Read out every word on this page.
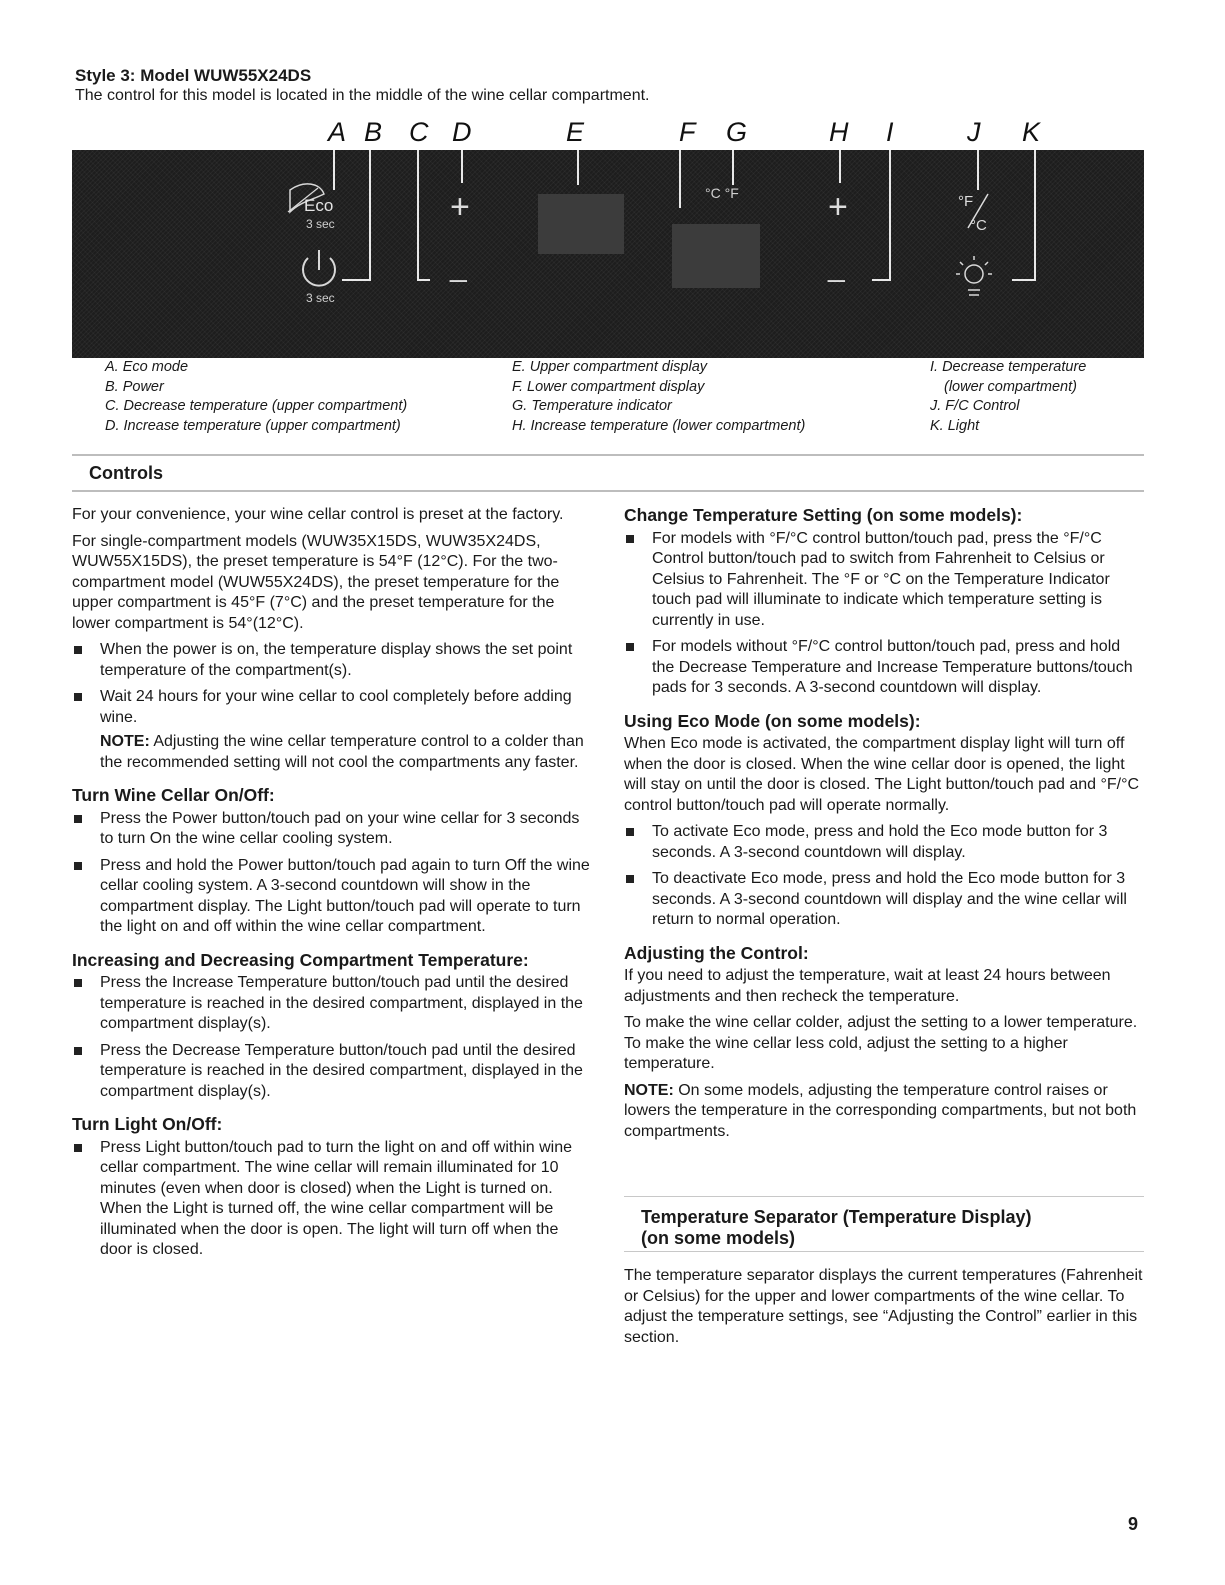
Style 3: Model WUW55X24DS
The control for this model is located in the middle of the wine cellar compartment.
A B C D	E	F G	H I	J K
Eco
3 sec
3 sec
+
_
°C °F	+
_
°F
°C
A. Eco mode
B. Power
C. Decrease temperature (upper compartment)
D. Increase temperature (upper compartment)
E. Upper compartment display
F. Lower compartment display
G. Temperature indicator
H. Increase temperature (lower compartment)
I. Decrease temperature
(lower compartment)
J. F/C Control
K. Light
Controls

For your convenience, your wine cellar control is preset at the factory.

For single-compartment models (WUW35X15DS, WUW35X24DS, WUW55X15DS), the preset temperature is 54°F (12°C). For the two-compartment model (WUW55X24DS), the preset temperature for the upper compartment is 45°F (7°C) and the preset temperature for the lower compartment is 54°(12°C).

When the power is on, the temperature display shows the set point temperature of the compartment(s).
Wait 24 hours for your wine cellar to cool completely before adding wine.
NOTE: Adjusting the wine cellar temperature control to a colder than the recommended setting will not cool the compartments any faster.
Turn Wine Cellar On/Off:
Press the Power button/touch pad on your wine cellar for 3 seconds to turn On the wine cellar cooling system.
Press and hold the Power button/touch pad again to turn Off the wine cellar cooling system. A 3-second countdown will show in the compartment display. The Light button/touch pad will operate to turn the light on and off within the wine cellar compartment.
Increasing and Decreasing Compartment Temperature:
Press the Increase Temperature button/touch pad until the desired temperature is reached in the desired compartment, displayed in the compartment display(s).
Press the Decrease Temperature button/touch pad until the desired temperature is reached in the desired compartment, displayed in the compartment display(s).
Turn Light On/Off:
Press Light button/touch pad to turn the light on and off within wine cellar compartment. The wine cellar will remain illuminated for 10 minutes (even when door is closed) when the Light is turned on. When the Light is turned off, the wine cellar compartment will be illuminated when the door is open. The light will turn off when the door is closed.
Change Temperature Setting (on some models):
For models with °F/°C control button/touch pad, press the °F/°C Control button/touch pad to switch from Fahrenheit to Celsius or Celsius to Fahrenheit. The °F or °C on the Temperature Indicator touch pad will illuminate to indicate which temperature setting is currently in use.
For models without °F/°C control button/touch pad, press and hold the Decrease Temperature and Increase Temperature buttons/touch pads for 3 seconds. A 3-second countdown will display.
Using Eco Mode (on some models):

When Eco mode is activated, the compartment display light will turn off when the door is closed. When the wine cellar door is opened, the light will stay on until the door is closed. The Light button/touch pad and °F/°C control button/touch pad will operate normally.

To activate Eco mode, press and hold the Eco mode button for 3 seconds. A 3-second countdown will display.
To deactivate Eco mode, press and hold the Eco mode button for 3 seconds. A 3-second countdown will display and the wine cellar will return to normal operation.
Adjusting the Control:

If you need to adjust the temperature, wait at least 24 hours between adjustments and then recheck the temperature.

To make the wine cellar colder, adjust the setting to a lower temperature. To make the wine cellar less cold, adjust the setting to a higher temperature.

NOTE: On some models, adjusting the temperature control raises or lowers the temperature in the corresponding compartments, but not both compartments.

Temperature Separator (Temperature Display)
(on some models)
The temperature separator displays the current temperatures (Fahrenheit or Celsius) for the upper and lower compartments of the wine cellar. To adjust the temperature settings, see “Adjusting the Control” earlier in this section.
9
